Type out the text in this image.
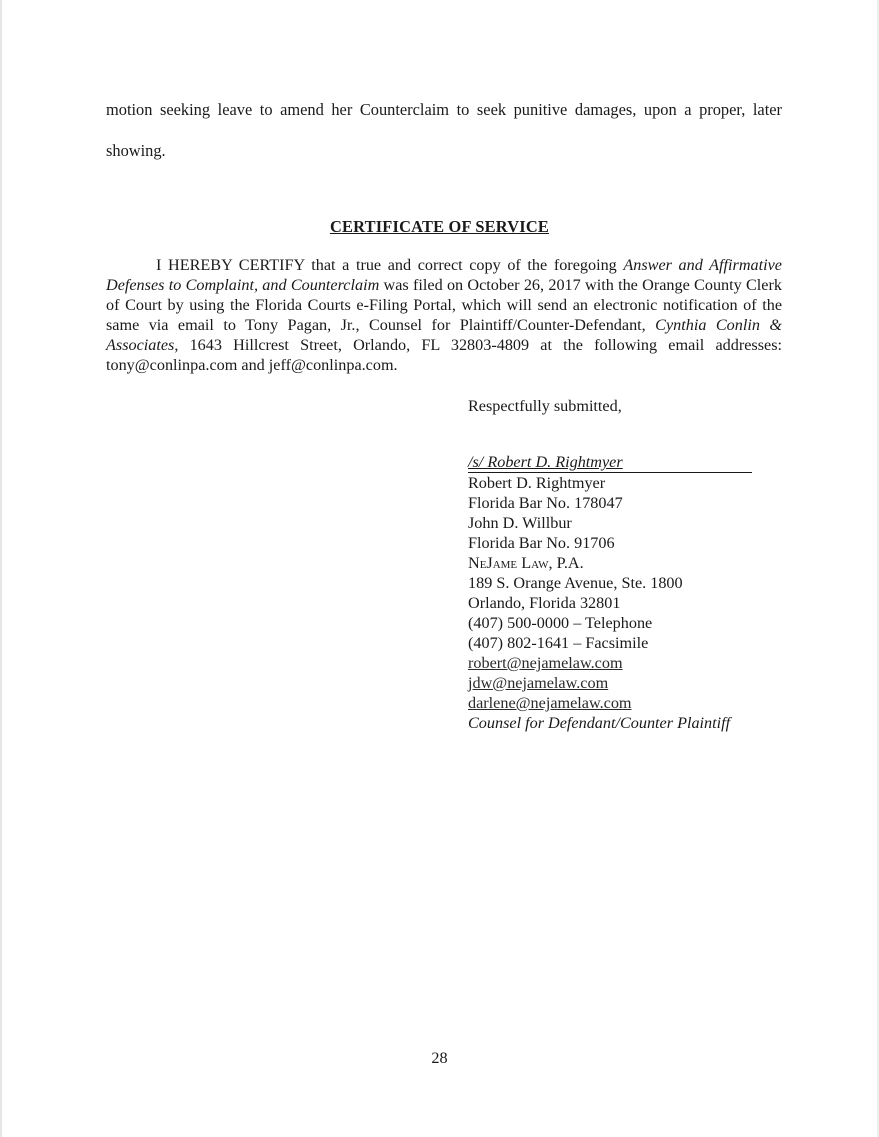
motion seeking leave to amend her Counterclaim to seek punitive damages, upon a proper, later
showing.
CERTIFICATE OF SERVICE
I HEREBY CERTIFY that a true and correct copy of the foregoing Answer and Affirmative Defenses to Complaint, and Counterclaim was filed on October 26, 2017 with the Orange County Clerk of Court by using the Florida Courts e-Filing Portal, which will send an electronic notification of the same via email to Tony Pagan, Jr., Counsel for Plaintiff/Counter-Defendant, Cynthia Conlin & Associates, 1643 Hillcrest Street, Orlando, FL 32803-4809 at the following email addresses: tony@conlinpa.com and jeff@conlinpa.com.
Respectfully submitted,
/s/ Robert D. Rightmyer
Robert D. Rightmyer
Florida Bar No. 178047
John D. Willbur
Florida Bar No. 91706
NeJame Law, P.A.
189 S. Orange Avenue, Ste. 1800
Orlando, Florida 32801
(407) 500-0000 – Telephone
(407) 802-1641 – Facsimile
robert@nejamelaw.com
jdw@nejamelaw.com
darlene@nejamelaw.com
Counsel for Defendant/Counter Plaintiff
28
